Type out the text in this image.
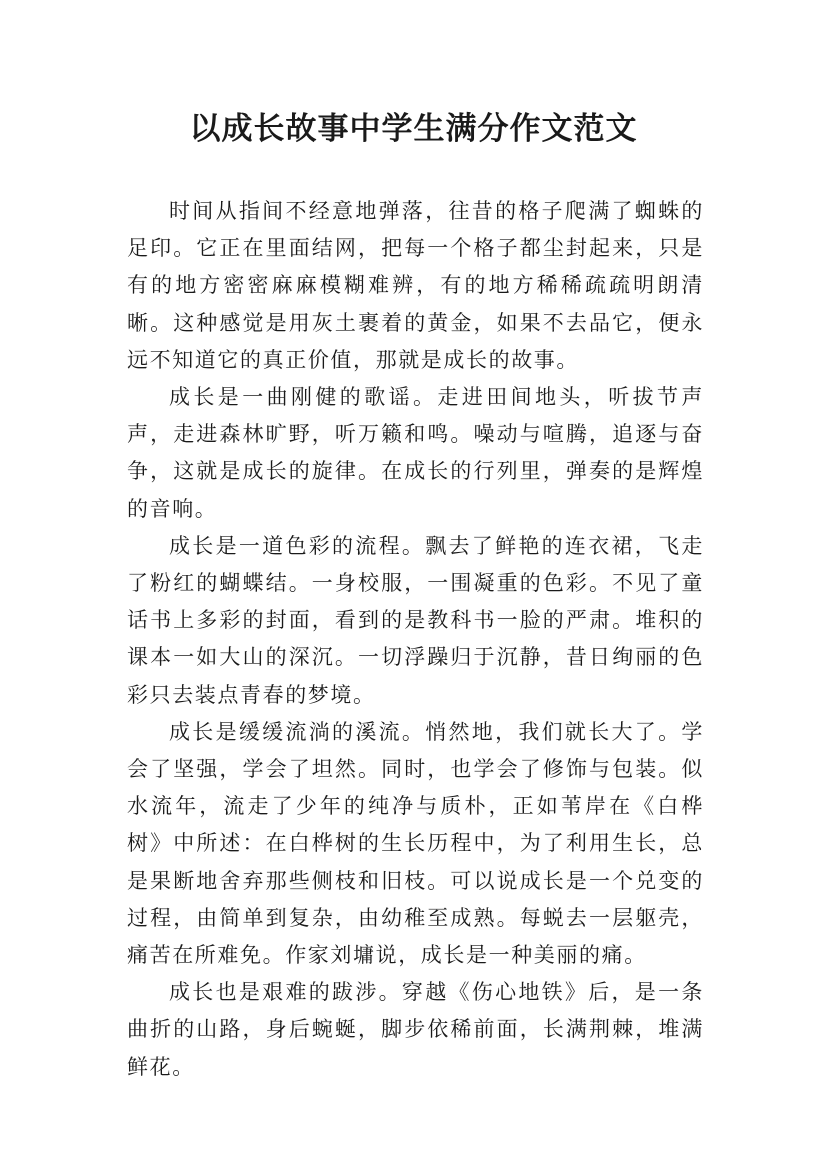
以成长故事中学生满分作文范文

时间从指间不经意地弹落，往昔的格子爬满了蜘蛛的足印。它正在里面结网，把每一个格子都尘封起来，只是有的地方密密麻麻模糊难辨，有的地方稀稀疏疏明朗清晰。这种感觉是用灰土裹着的黄金，如果不去品它，便永远不知道它的真正价值，那就是成长的故事。

成长是一曲刚健的歌谣。走进田间地头，听拔节声声，走进森林旷野，听万籁和鸣。噪动与喧腾，追逐与奋争，这就是成长的旋律。在成长的行列里，弹奏的是辉煌的音响。

成长是一道色彩的流程。飘去了鲜艳的连衣裙，飞走了粉红的蝴蝶结。一身校服，一围凝重的色彩。不见了童话书上多彩的封面，看到的是教科书一脸的严肃。堆积的课本一如大山的深沉。一切浮躁归于沉静，昔日绚丽的色彩只去装点青春的梦境。

成长是缓缓流淌的溪流。悄然地，我们就长大了。学会了坚强，学会了坦然。同时，也学会了修饰与包装。似水流年，流走了少年的纯净与质朴，正如苇岸在《白桦树》中所述：在白桦树的生长历程中，为了利用生长，总是果断地舍弃那些侧枝和旧枝。可以说成长是一个兑变的过程，由简单到复杂，由幼稚至成熟。每蜕去一层躯壳，痛苦在所难免。作家刘墉说，成长是一种美丽的痛。

成长也是艰难的跋涉。穿越《伤心地铁》后，是一条曲折的山路，身后蜿蜒，脚步依稀前面，长满荆棘，堆满鲜花。
